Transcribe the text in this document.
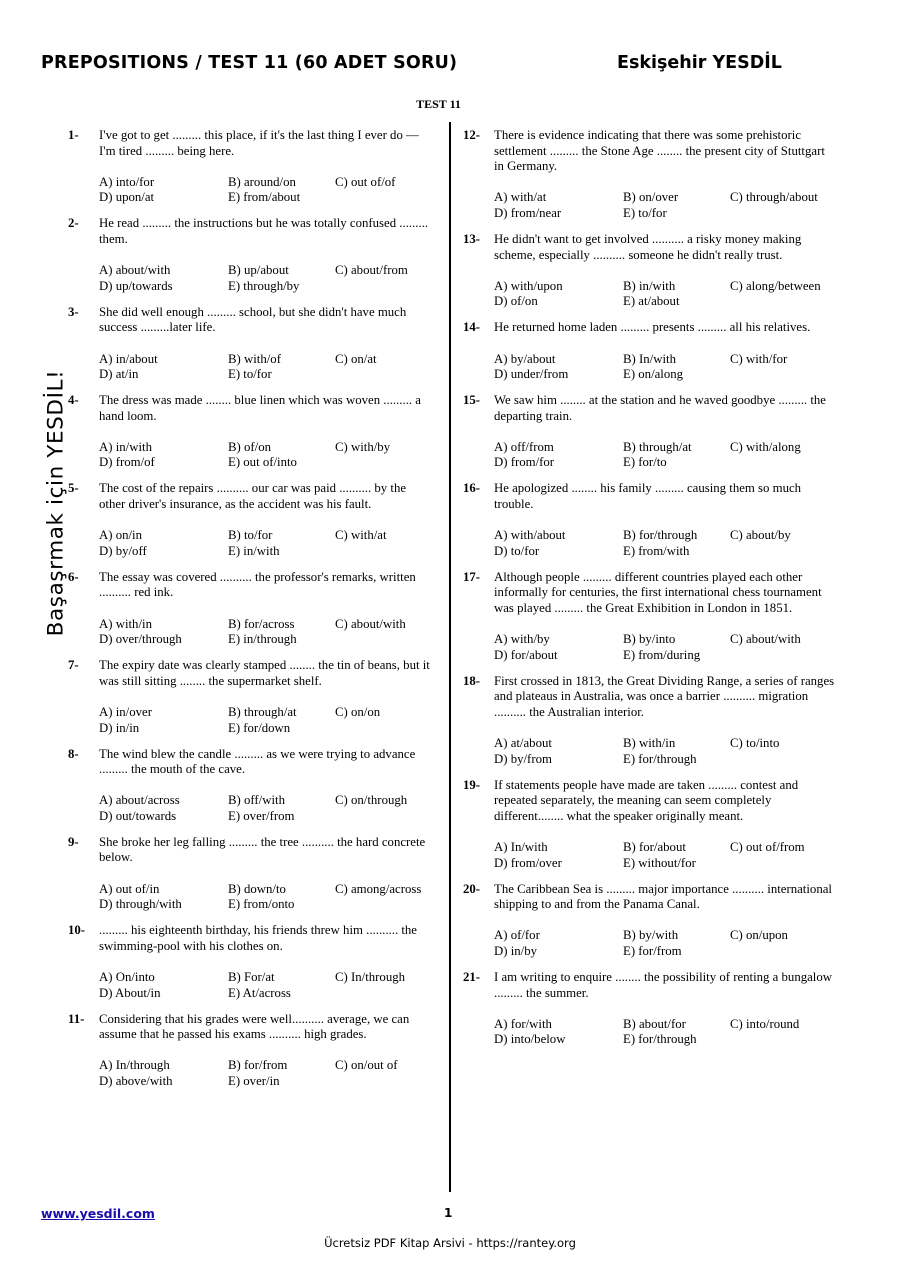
PREPOSITIONS / TEST 11 (60 ADET SORU)	Eskişehir YESDİL
TEST 11
Başaşrmak için YESDİL!
1- I've got to get ......... this place, if it's the last thing I ever do — I'm tired ......... being here.
A) into/for	B) around/on	C) out of/of
D) upon/at	E) from/about
2- He read ......... the instructions but he was totally confused ......... them.
A) about/with	B) up/about	C) about/from
D) up/towards	E) through/by
3- She did well enough ......... school, but she didn't have much success .........later life.
A) in/about	B) with/of	C) on/at
D) at/in	E) to/for
4- The dress was made ........ blue linen which was woven ......... a hand loom.
A) in/with	B) of/on	C) with/by
D) from/of	E) out of/into
5- The cost of the repairs .......... our car was paid .......... by the other driver's insurance, as the accident was his fault.
A) on/in	B) to/for	C) with/at
D) by/off	E) in/with
6- The essay was covered .......... the professor's remarks, written .......... red ink.
A) with/in	B) for/across	C) about/with
D) over/through	E) in/through
7- The expiry date was clearly stamped ........ the tin of beans, but it was still sitting ........ the supermarket shelf.
A) in/over	B) through/at	C) on/on
D) in/in	E) for/down
8- The wind blew the candle ......... as we were trying to advance ......... the mouth of the cave.
A) about/across	B) off/with	C) on/through
D) out/towards	E) over/from
9- She broke her leg falling ......... the tree .......... the hard concrete below.
A) out of/in	B) down/to	C) among/across
D) through/with	E) from/onto
10- ......... his eighteenth birthday, his friends threw him .......... the swimming-pool with his clothes on.
A) On/into	B) For/at	C) In/through
D) About/in	E) At/across
11- Considering that his grades were well.......... average, we can assume that he passed his exams .......... high grades.
A) In/through	B) for/from	C) on/out of
D) above/with	E) over/in
12- There is evidence indicating that there was some prehistoric settlement ......... the Stone Age ........ the present city of Stuttgart in Germany.
A) with/at	B) on/over	C) through/about
D) from/near	E) to/for
13- He didn't want to get involved .......... a risky money making scheme, especially .......... someone he didn't really trust.
A) with/upon	B) in/with	C) along/between
D) of/on	E) at/about
14- He returned home laden ......... presents ......... all his relatives.
A) by/about	B) In/with	C) with/for
D) under/from	E) on/along
15- We saw him ........ at the station and he waved goodbye ......... the departing train.
A) off/from	B) through/at	C) with/along
D) from/for	E) for/to
16- He apologized ........ his family ......... causing them so much trouble.
A) with/about	B) for/through	C) about/by
D) to/for	E) from/with
17- Although people ......... different countries played each other informally for centuries, the first international chess tournament was played ......... the Great Exhibition in London in 1851.
A) with/by	B) by/into	C) about/with
D) for/about	E) from/during
18- First crossed in 1813, the Great Dividing Range, a series of ranges and plateaus in Australia, was once a barrier .......... migration .......... the Australian interior.
A) at/about	B) with/in	C) to/into
D) by/from	E) for/through
19- If statements people have made are taken ......... contest and repeated separately, the meaning can seem completely different........ what the speaker originally meant.
A) In/with	B) for/about	C) out of/from
D) from/over	E) without/for
20- The Caribbean Sea is ......... major importance .......... international shipping to and from the Panama Canal.
A) of/for	B) by/with	C) on/upon
D) in/by	E) for/from
21- I am writing to enquire ........ the possibility of renting a bungalow ......... the summer.
A) for/with	B) about/for	C) into/round
D) into/below	E) for/through
www.yesdil.com	1
Ücretsiz PDF Kitap Arsivi - https://rantey.org
